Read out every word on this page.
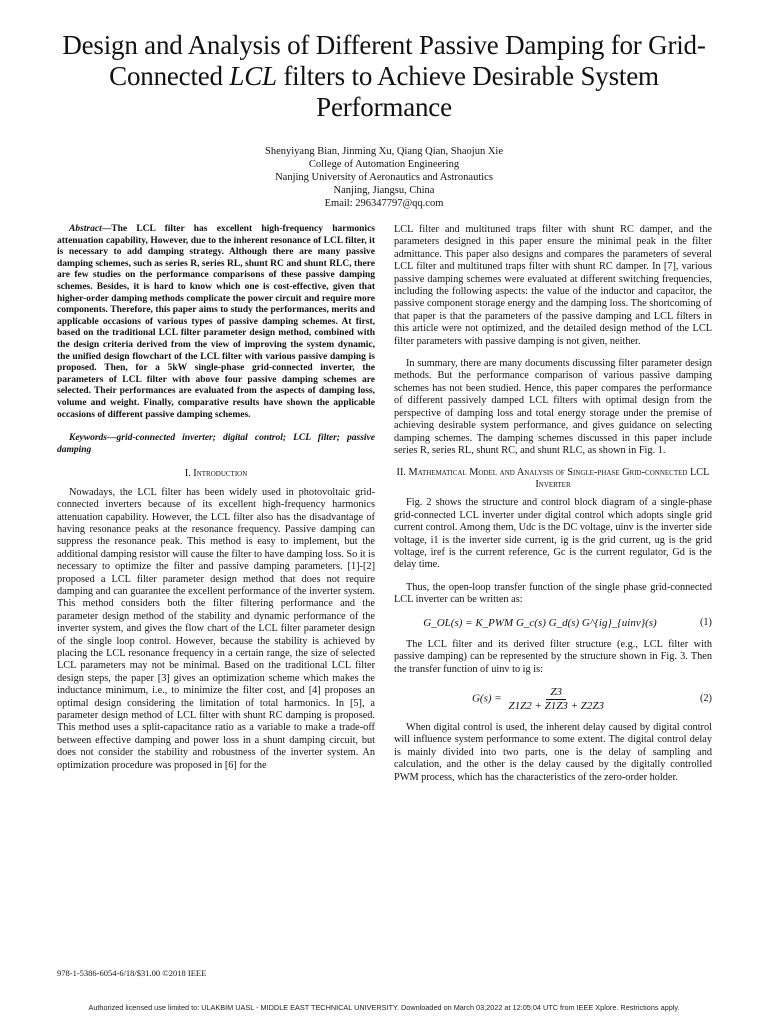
Design and Analysis of Different Passive Damping for Grid-Connected LCL filters to Achieve Desirable System Performance
Shenyiyang Bian, Jinming Xu, Qiang Qian, Shaojun Xie
College of Automation Engineering
Nanjing University of Aeronautics and Astronautics
Nanjing, Jiangsu, China
Email: 296347797@qq.com

Abstract—The LCL filter has excellent high-frequency harmonics attenuation capability, However, due to the inherent resonance of LCL filter, it is necessary to add damping strategy. Although there are many passive damping schemes, such as series R, series RL, shunt RC and shunt RLC, there are few studies on the performance comparisons of these passive damping schemes. Besides, it is hard to know which one is cost-effective, given that higher-order damping methods complicate the power circuit and require more components. Therefore, this paper aims to study the performances, merits and applicable occasions of various types of passive damping schemes. At first, based on the traditional LCL filter parameter design method, combined with the design criteria derived from the view of improving the system dynamic, the unified design flowchart of the LCL filter with various passive damping is proposed. Then, for a 5kW single-phase grid-connected inverter, the parameters of LCL filter with above four passive damping schemes are selected. Their performances are evaluated from the aspects of damping loss, volume and weight. Finally, comparative results have shown the applicable occasions of different passive damping schemes.

Keywords—grid-connected inverter; digital control; LCL filter; passive damping

I. Introduction

Nowadays, the LCL filter has been widely used in photovoltaic grid-connected inverters because of its excellent high-frequency harmonics attenuation capability. However, the LCL filter also has the disadvantage of having resonance peaks at the resonance frequency. Passive damping can suppress the resonance peak. This method is easy to implement, but the additional damping resistor will cause the filter to have damping loss. So it is necessary to optimize the filter and passive damping parameters. [1]-[2] proposed a LCL filter parameter design method that does not require damping and can guarantee the excellent performance of the inverter system. This method considers both the filter filtering performance and the parameter design method of the stability and dynamic performance of the inverter system, and gives the flow chart of the LCL filter parameter design of the single loop control. However, because the stability is achieved by placing the LCL resonance frequency in a certain range, the size of selected LCL parameters may not be minimal. Based on the traditional LCL filter design steps, the paper [3] gives an optimization scheme which makes the inductance minimum, i.e., to minimize the filter cost, and [4] proposes an optimal design considering the limitation of total harmonics. In [5], a parameter design method of LCL filter with shunt RC damping is proposed. This method uses a split-capacitance ratio as a variable to make a trade-off between effective damping and power loss in a shunt damping circuit, but does not consider the stability and robustness of the inverter system. An optimization procedure was proposed in [6] for the

LCL filter and multituned traps filter with shunt RC damper, and the parameters designed in this paper ensure the minimal peak in the filter admittance. This paper also designs and compares the parameters of several LCL filter and multituned traps filter with shunt RC damper. In [7], various passive damping schemes were evaluated at different switching frequencies, including the following aspects: the value of the inductor and capacitor, the passive component storage energy and the damping loss. The shortcoming of that paper is that the parameters of the passive damping and LCL filters in this article were not optimized, and the detailed design method of the LCL filter parameters with passive damping is not given, neither.

In summary, there are many documents discussing filter parameter design methods. But the performance comparison of various passive damping schemes has not been studied. Hence, this paper compares the performance of different passively damped LCL filters with optimal design from the perspective of damping loss and total energy storage under the premise of achieving desirable system performance, and gives guidance on selecting damping schemes. The damping schemes discussed in this paper include series R, series RL, shunt RC, and shunt RLC, as shown in Fig. 1.

II. Mathematical Model and Analysis of Single-phase Grid-connected LCL Inverter

Fig. 2 shows the structure and control block diagram of a single-phase grid-connected LCL inverter under digital control which adopts single grid current control. Among them, Udc is the DC voltage, uinv is the inverter side voltage, i1 is the inverter side current, ig is the grid current, ug is the grid voltage, iref is the current reference, Gc is the current regulator, Gd is the delay time.

Thus, the open-loop transfer function of the single phase grid-connected LCL inverter can be written as:

G_OL(s) = K_PWM G_c(s) G_d(s) G^{ig}_{uinv}(s)	(1)

The LCL filter and its derived filter structure (e.g., LCL filter with passive damping) can be represented by the structure shown in Fig. 3. Then the transfer function of uinv to ig is:

$G(s) = \frac{Z3}{Z1Z2 + Z1Z3 + Z2Z3}$	(2)

When digital control is used, the inherent delay caused by digital control will influence system performance to some extent. The digital control delay is mainly divided into two parts, one is the delay of sampling and calculation, and the other is the delay caused by the digitally controlled PWM process, which has the characteristics of the zero-order holder.

978-1-5386-6054-6/18/$31.00 ©2018 IEEE
Authorized licensed use limited to: ULAKBIM UASL - MIDDLE EAST TECHNICAL UNIVERSITY. Downloaded on March 03,2022 at 12:05:04 UTC from IEEE Xplore. Restrictions apply.
